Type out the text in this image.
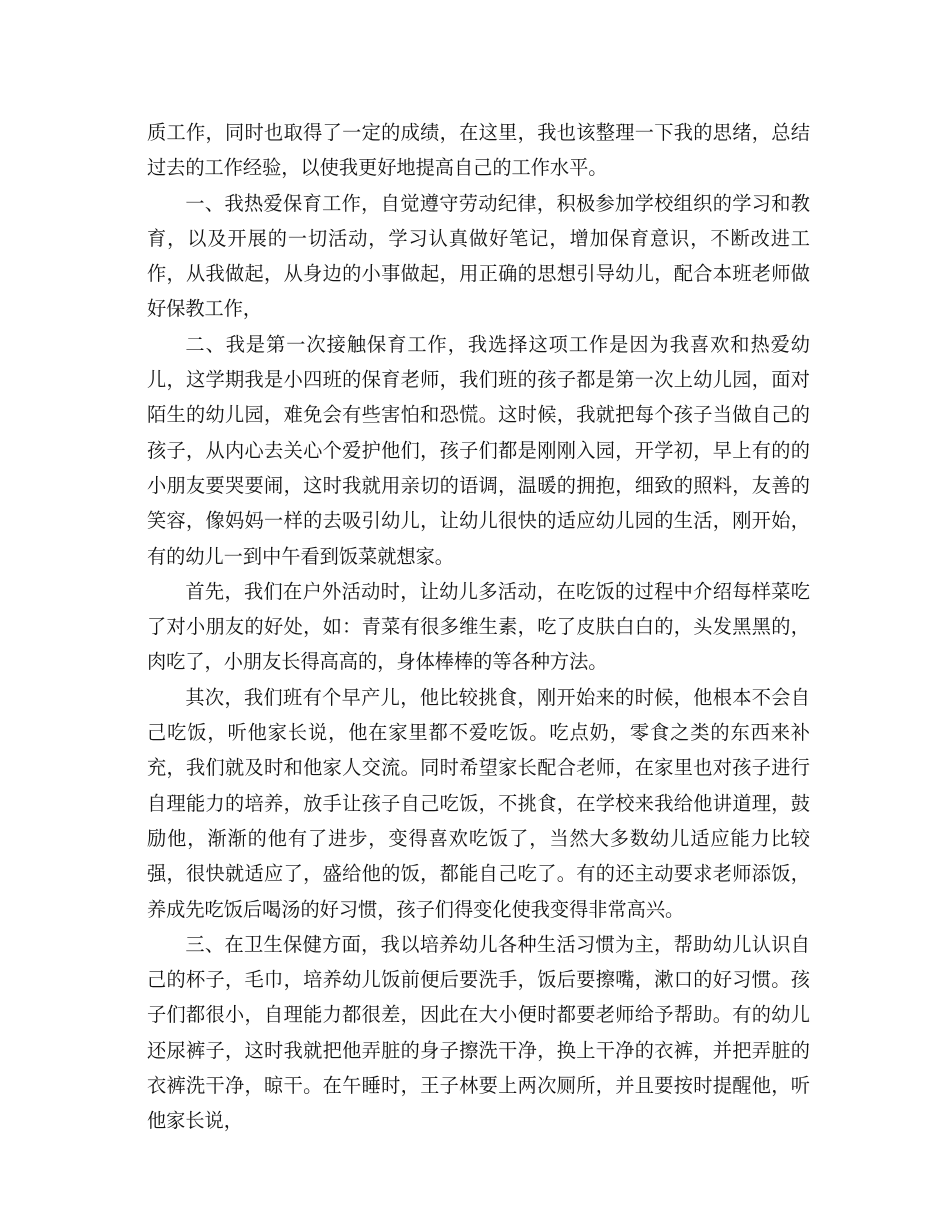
质工作，同时也取得了一定的成绩，在这里，我也该整理一下我的思绪，总结过去的工作经验，以使我更好地提高自己的工作水平。

一、我热爱保育工作，自觉遵守劳动纪律，积极参加学校组织的学习和教育，以及开展的一切活动，学习认真做好笔记，增加保育意识，不断改进工作，从我做起，从身边的小事做起，用正确的思想引导幼儿，配合本班老师做好保教工作，

二、我是第一次接触保育工作，我选择这项工作是因为我喜欢和热爱幼儿，这学期我是小四班的保育老师，我们班的孩子都是第一次上幼儿园，面对陌生的幼儿园，难免会有些害怕和恐慌。这时候，我就把每个孩子当做自己的孩子，从内心去关心个爱护他们，孩子们都是刚刚入园，开学初，早上有的的小朋友要哭要闹，这时我就用亲切的语调，温暖的拥抱，细致的照料，友善的笑容，像妈妈一样的去吸引幼儿，让幼儿很快的适应幼儿园的生活，刚开始，有的幼儿一到中午看到饭菜就想家。

首先，我们在户外活动时，让幼儿多活动，在吃饭的过程中介绍每样菜吃了对小朋友的好处，如：青菜有很多维生素，吃了皮肤白白的，头发黑黑的，肉吃了，小朋友长得高高的，身体棒棒的等各种方法。

其次，我们班有个早产儿，他比较挑食，刚开始来的时候，他根本不会自己吃饭，听他家长说，他在家里都不爱吃饭。吃点奶，零食之类的东西来补充，我们就及时和他家人交流。同时希望家长配合老师，在家里也对孩子进行自理能力的培养，放手让孩子自己吃饭，不挑食，在学校来我给他讲道理，鼓励他，渐渐的他有了进步，变得喜欢吃饭了，当然大多数幼儿适应能力比较强，很快就适应了，盛给他的饭，都能自己吃了。有的还主动要求老师添饭，养成先吃饭后喝汤的好习惯，孩子们得变化使我变得非常高兴。

三、在卫生保健方面，我以培养幼儿各种生活习惯为主，帮助幼儿认识自己的杯子，毛巾，培养幼儿饭前便后要洗手，饭后要擦嘴，漱口的好习惯。孩子们都很小，自理能力都很差，因此在大小便时都要老师给予帮助。有的幼儿还尿裤子，这时我就把他弄脏的身子擦洗干净，换上干净的衣裤，并把弄脏的衣裤洗干净，晾干。在午睡时，王子林要上两次厕所，并且要按时提醒他，听他家长说，
